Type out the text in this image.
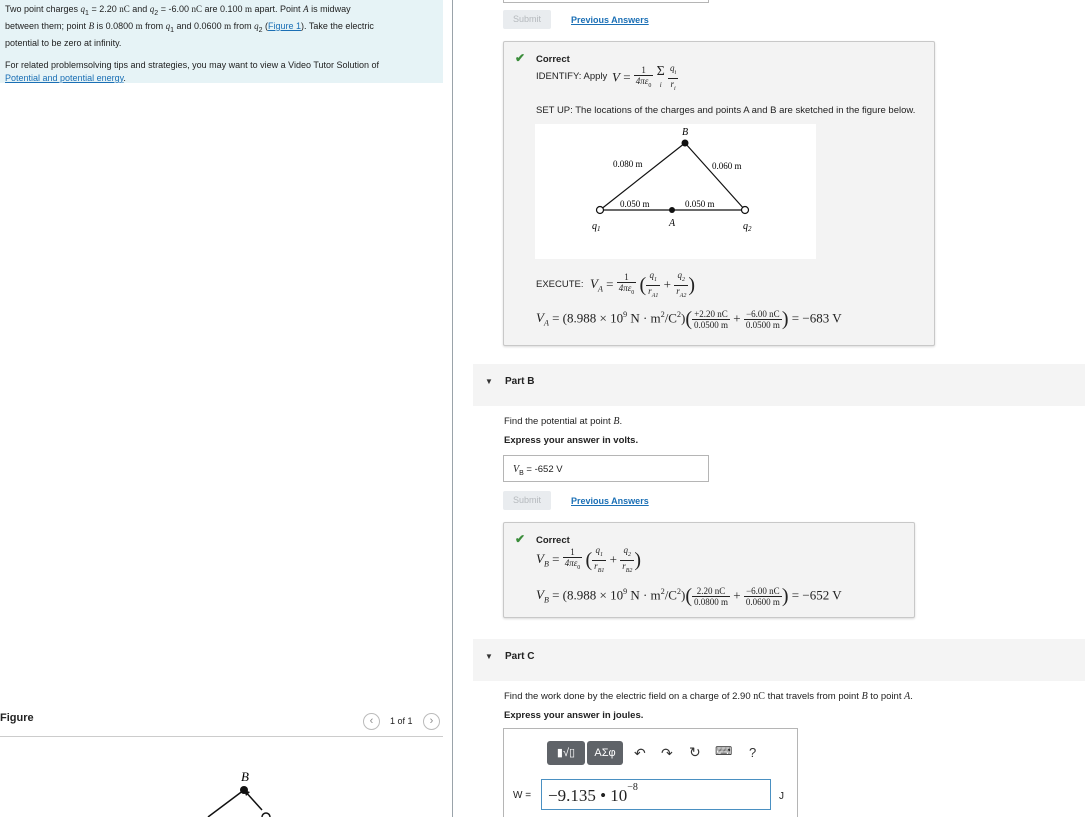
Two point charges $q_1 = 2.20$ nC and $q_2 = -6.00$ nC are 0.100 m apart. Point A is midway
between them; point B is 0.0800 m from $q_1$ and 0.0600 m from $q_2$ (Figure 1). Take the electric
potential to be zero at infinity.

For related problemsolving tips and strategies, you may want to view a Video Tutor Solution of
Potential and potential energy.

Figure	‹	1 of 1	›
B
Submit	Previous Answers
✔ Correct
IDENTIFY: Apply $V = \frac{1}{4\pi\varepsilon_0}$ Σ
i $\frac{q_i}{r_i}$
SET UP: The locations of the charges and points A and B are sketched in the figure below.
B
A
$q_1$	$q_2$
0.080 m	0.060 m
0.050 m	0.050 m
EXECUTE: $V_A = \frac{1}{4\pi\varepsilon_0}$ ( $\frac{q_1}{r_{A1}} + \frac{q_2}{r_{A2}}$ )
$V_A = (8.988 \times 10^9$ $N \cdot m^2/C^2)( \frac{+2.20 nC}{0.0500 m} + \frac{-6.00 nC}{0.0500 m}$ ) = −683 V
▼ Part B
Find the potential at point B.
Express your answer in volts.
$V_B = -652$ V
Submit	Previous Answers
✔ Correct
$V_B = \frac{1}{4\pi\varepsilon_0}$ ( $\frac{q_1}{r_{B1}} + \frac{q_2}{r_{B2}}$ )
$V_B = (8.988 \times 10^9$ $N \cdot m^2/C^2)( \frac{2.20 nC}{0.0800 m} + \frac{-6.00 nC}{0.0600 m}$ ) = −652 V
▼ Part C
Find the work done by the electric field on a charge of 2.90 nC that travels from point B to point A.
Express your answer in joules.
▮√▯	ΑΣφ	↶ ↷ ↻ ⌨ ?
W = −9.135 • $10^{-8}$
J
